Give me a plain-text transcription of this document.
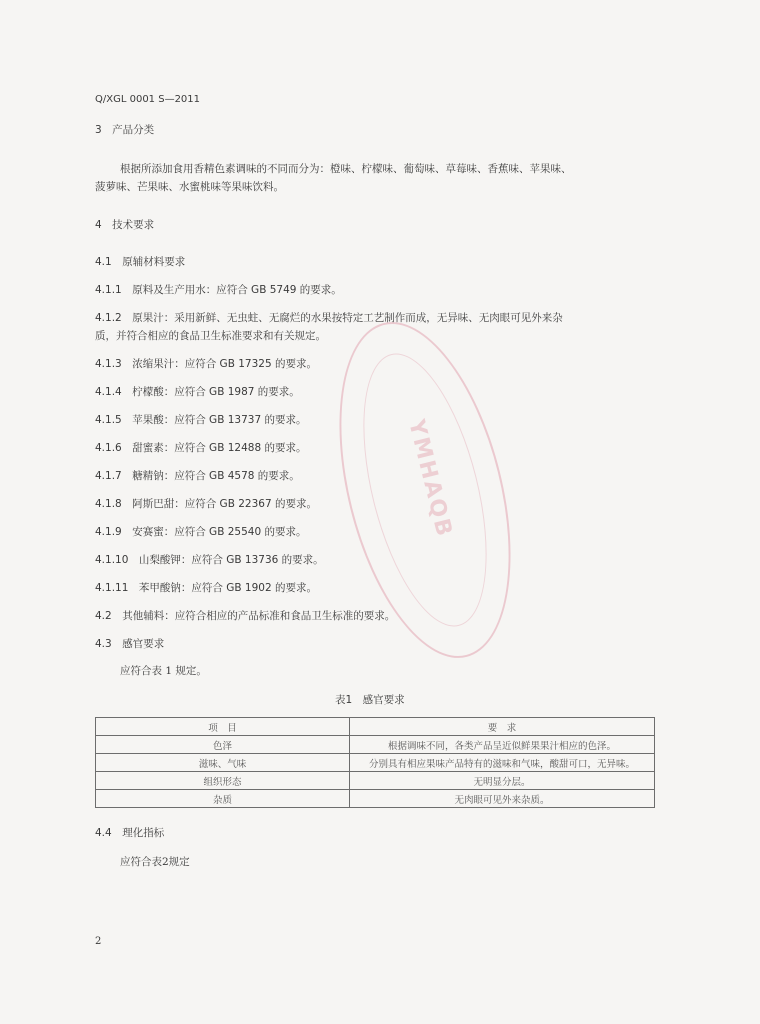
Q/XGL 0001 S—2011
3　产品分类
根据所添加食用香精色素调味的不同而分为：橙味、柠檬味、葡萄味、草莓味、香蕉味、苹果味、
菠萝味、芒果味、水蜜桃味等果味饮料。
4　技术要求
4.1　原辅材料要求
4.1.1　原料及生产用水：应符合 GB 5749 的要求。
4.1.2　原果汁：采用新鲜、无虫蛀、无腐烂的水果按特定工艺制作而成，无异味、无肉眼可见外来杂
质，并符合相应的食品卫生标准要求和有关规定。
4.1.3　浓缩果汁：应符合 GB 17325 的要求。
4.1.4　柠檬酸：应符合 GB 1987 的要求。
4.1.5　苹果酸：应符合 GB 13737 的要求。
4.1.6　甜蜜素：应符合 GB 12488 的要求。
4.1.7　糖精钠：应符合 GB 4578 的要求。
4.1.8　阿斯巴甜：应符合 GB 22367 的要求。
4.1.9　安赛蜜：应符合 GB 25540 的要求。
4.1.10　山梨酸钾：应符合 GB 13736 的要求。
4.1.11　苯甲酸钠：应符合 GB 1902 的要求。
4.2　其他辅料：应符合相应的产品标准和食品卫生标准的要求。
4.3　感官要求
应符合表 1 规定。
表1　感官要求
项　目	要　求
色泽	根据调味不同，各类产品呈近似鲜果果汁相应的色泽。
滋味、气味	分别具有相应果味产品特有的滋味和气味，酸甜可口，无异味。
组织形态	无明显分层。
杂质	无肉眼可见外来杂质。
4.4　理化指标
应符合表2规定
2
YMHAQB
